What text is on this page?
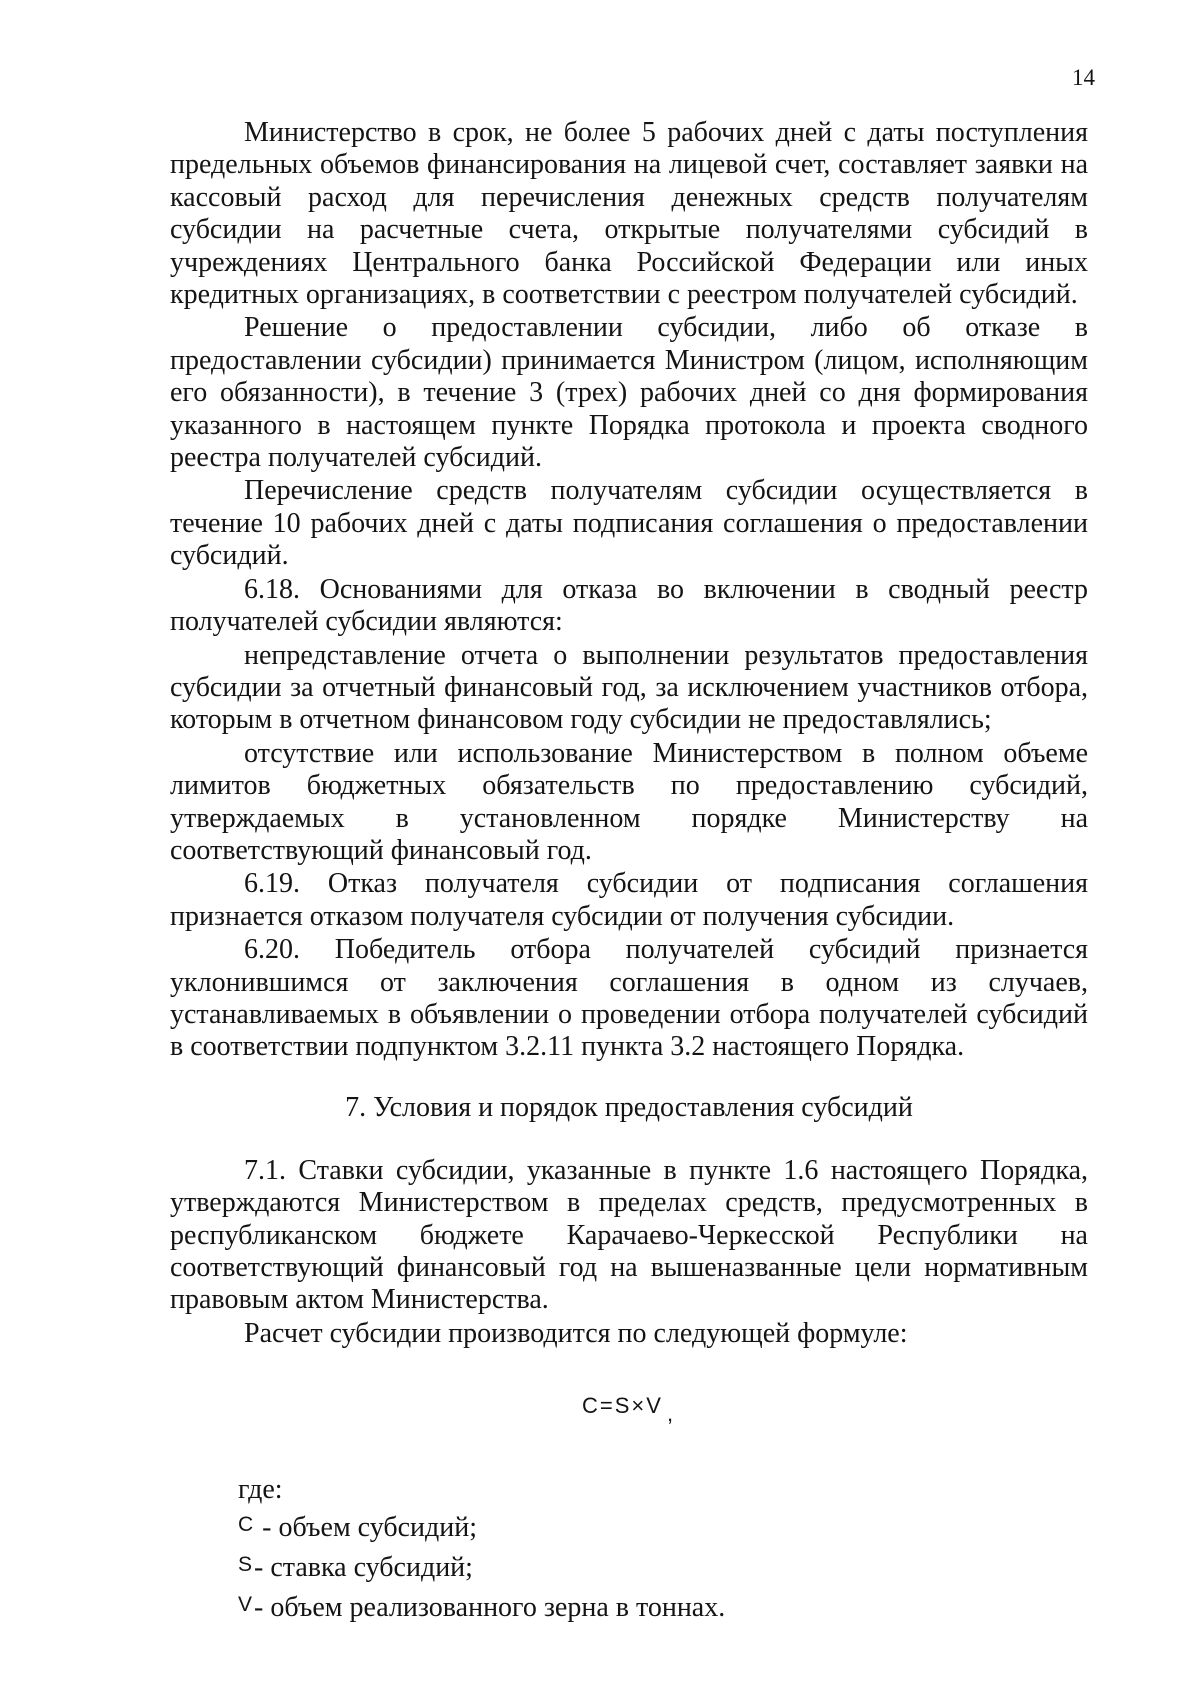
14

Министерство в срок, не более 5 рабочих дней с даты поступления предельных объемов финансирования на лицевой счет, составляет заявки на кассовый расход для перечисления денежных средств получателям субсидии на расчетные счета, открытые получателями субсидий в учреждениях Центрального банка Российской Федерации или иных кредитных организациях, в соответствии с реестром получателей субсидий.

Решение о предоставлении субсидии, либо об отказе в предоставлении субсидии) принимается Министром (лицом, исполняющим его обязанности), в течение 3 (трех) рабочих дней со дня формирования указанного в настоящем пункте Порядка протокола и проекта сводного реестра получателей субсидий.

Перечисление средств получателям субсидии осуществляется в течение 10 рабочих дней с даты подписания соглашения о предоставлении субсидий.

6.18. Основаниями для отказа во включении в сводный реестр получателей субсидии являются:

непредставление отчета о выполнении результатов предоставления субсидии за отчетный финансовый год, за исключением участников отбора, которым в отчетном финансовом году субсидии не предоставлялись;

отсутствие или использование Министерством в полном объеме лимитов бюджетных обязательств по предоставлению субсидий, утверждаемых в установленном порядке Министерству на соответствующий финансовый год.

6.19. Отказ получателя субсидии от подписания соглашения признается отказом получателя субсидии от получения субсидии.

6.20. Победитель отбора получателей субсидий признается уклонившимся от заключения соглашения в одном из случаев, устанавливаемых в объявлении о проведении отбора получателей субсидий в соответствии подпунктом 3.2.11 пункта 3.2 настоящего Порядка.

7. Условия и порядок предоставления субсидий

7.1. Ставки субсидии, указанные в пункте 1.6 настоящего Порядка, утверждаются Министерством в пределах средств, предусмотренных в республиканском бюджете Карачаево-Черкесской Республики на соответствующий финансовый год на вышеназванные цели нормативным правовым актом Министерства.

Расчет субсидии производится по следующей формуле:

C=S×V ,
где:
C - объем субсидий;
S- ставка субсидий;
V- объем реализованного зерна в тоннах.
